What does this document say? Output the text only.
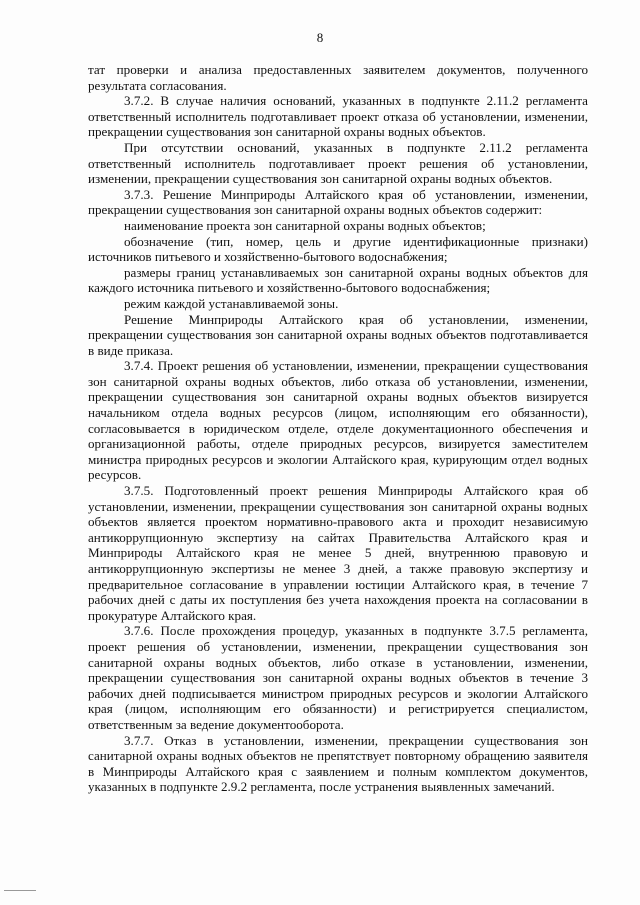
8

тат проверки и анализа предоставленных заявителем документов, полученного результата согласования.

3.7.2. В случае наличия оснований, указанных в подпункте 2.11.2 регламента ответственный исполнитель подготавливает проект отказа об установлении, изменении, прекращении существования зон санитарной охраны водных объектов.

При отсутствии оснований, указанных в подпункте 2.11.2 регламента ответственный исполнитель подготавливает проект решения об установлении, изменении, прекращении существования зон санитарной охраны водных объектов.

3.7.3. Решение Минприроды Алтайского края об установлении, изменении, прекращении существования зон санитарной охраны водных объектов содержит:

наименование проекта зон санитарной охраны водных объектов;

обозначение (тип, номер, цель и другие идентификационные признаки) источников питьевого и хозяйственно-бытового водоснабжения;

размеры границ устанавливаемых зон санитарной охраны водных объектов для каждого источника питьевого и хозяйственно-бытового водоснабжения;

режим каждой устанавливаемой зоны.

Решение Минприроды Алтайского края об установлении, изменении, прекращении существования зон санитарной охраны водных объектов подготавливается в виде приказа.

3.7.4. Проект решения об установлении, изменении, прекращении существования зон санитарной охраны водных объектов, либо отказа об установлении, изменении, прекращении существования зон санитарной охраны водных объектов визируется начальником отдела водных ресурсов (лицом, исполняющим его обязанности), согласовывается в юридическом отделе, отделе документационного обеспечения и организационной работы, отделе природных ресурсов, визируется заместителем министра природных ресурсов и экологии Алтайского края, курирующим отдел водных ресурсов.

3.7.5. Подготовленный проект решения Минприроды Алтайского края об установлении, изменении, прекращении существования зон санитарной охраны водных объектов является проектом нормативно-правового акта и проходит независимую антикоррупционную экспертизу на сайтах Правительства Алтайского края и Минприроды Алтайского края не менее 5 дней, внутреннюю правовую и антикоррупционную экспертизы не менее 3 дней, а также правовую экспертизу и предварительное согласование в управлении юстиции Алтайского края, в течение 7 рабочих дней с даты их поступления без учета нахождения проекта на согласовании в прокуратуре Алтайского края.

3.7.6. После прохождения процедур, указанных в подпункте 3.7.5 регламента, проект решения об установлении, изменении, прекращении существования зон санитарной охраны водных объектов, либо отказе в установлении, изменении, прекращении существования зон санитарной охраны водных объектов в течение 3 рабочих дней подписывается министром природных ресурсов и экологии Алтайского края (лицом, исполняющим его обязанности) и регистрируется специалистом, ответственным за ведение документооборота.

3.7.7. Отказ в установлении, изменении, прекращении существования зон санитарной охраны водных объектов не препятствует повторному обращению заявителя в Минприроды Алтайского края с заявлением и полным комплектом документов, указанных в подпункте 2.9.2 регламента, после устранения выявленных замечаний.
